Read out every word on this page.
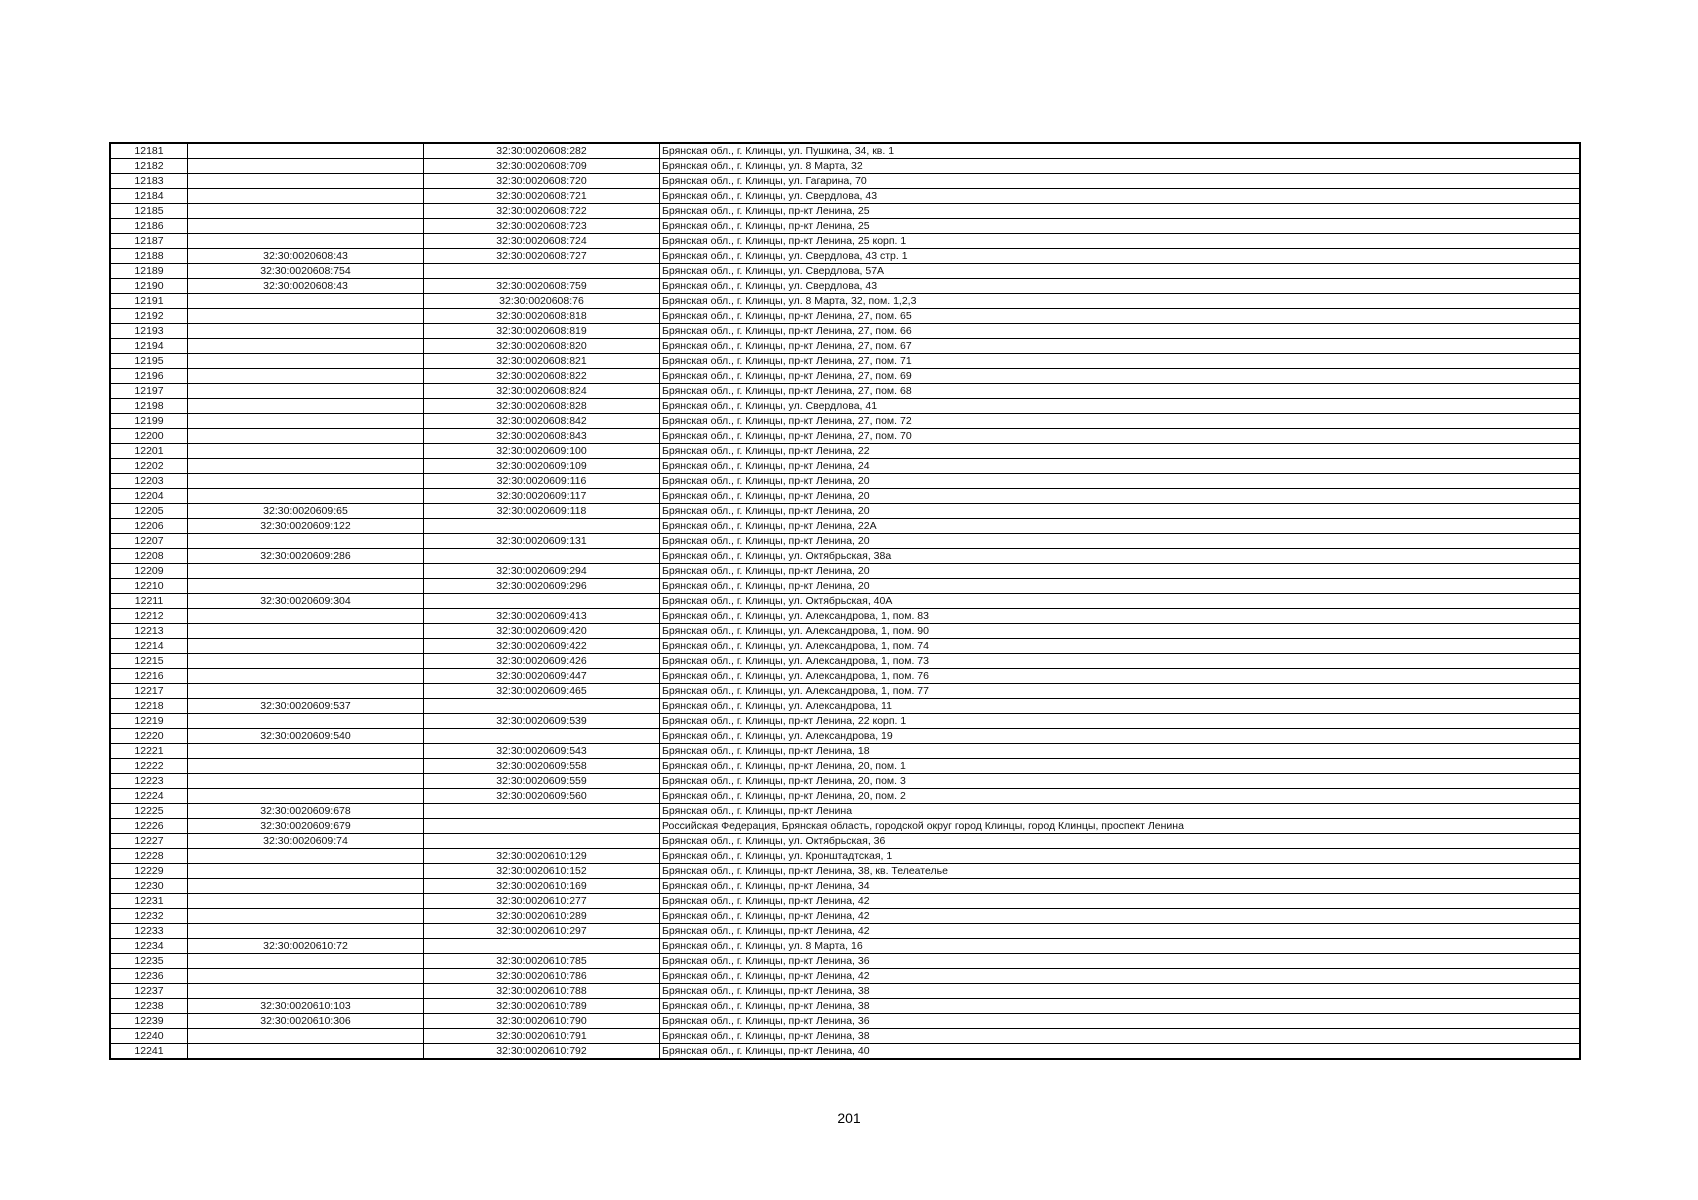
12181		32:30:0020608:282	Брянская обл., г. Клинцы, ул. Пушкина, 34, кв. 1
12182		32:30:0020608:709	Брянская обл., г. Клинцы, ул. 8 Марта, 32
12183		32:30:0020608:720	Брянская обл., г. Клинцы, ул. Гагарина, 70
12184		32:30:0020608:721	Брянская обл., г. Клинцы, ул. Свердлова, 43
12185		32:30:0020608:722	Брянская обл., г. Клинцы, пр-кт Ленина, 25
12186		32:30:0020608:723	Брянская обл., г. Клинцы, пр-кт Ленина, 25
12187		32:30:0020608:724	Брянская обл., г. Клинцы, пр-кт Ленина, 25 корп. 1
12188	32:30:0020608:43	32:30:0020608:727	Брянская обл., г. Клинцы, ул. Свердлова, 43 стр. 1
12189	32:30:0020608:754		Брянская обл., г. Клинцы, ул. Свердлова, 57А
12190	32:30:0020608:43	32:30:0020608:759	Брянская обл., г. Клинцы, ул. Свердлова, 43
12191		32:30:0020608:76	Брянская обл., г. Клинцы, ул. 8 Марта, 32, пом. 1,2,3
12192		32:30:0020608:818	Брянская обл., г. Клинцы, пр-кт Ленина, 27, пом. 65
12193		32:30:0020608:819	Брянская обл., г. Клинцы, пр-кт Ленина, 27, пом. 66
12194		32:30:0020608:820	Брянская обл., г. Клинцы, пр-кт Ленина, 27, пом. 67
12195		32:30:0020608:821	Брянская обл., г. Клинцы, пр-кт Ленина, 27, пом. 71
12196		32:30:0020608:822	Брянская обл., г. Клинцы, пр-кт Ленина, 27, пом. 69
12197		32:30:0020608:824	Брянская обл., г. Клинцы, пр-кт Ленина, 27, пом. 68
12198		32:30:0020608:828	Брянская обл., г. Клинцы, ул. Свердлова, 41
12199		32:30:0020608:842	Брянская обл., г. Клинцы, пр-кт Ленина, 27, пом. 72
12200		32:30:0020608:843	Брянская обл., г. Клинцы, пр-кт Ленина, 27, пом. 70
12201		32:30:0020609:100	Брянская обл., г. Клинцы, пр-кт Ленина, 22
12202		32:30:0020609:109	Брянская обл., г. Клинцы, пр-кт Ленина, 24
12203		32:30:0020609:116	Брянская обл., г. Клинцы, пр-кт Ленина, 20
12204		32:30:0020609:117	Брянская обл., г. Клинцы, пр-кт Ленина, 20
12205	32:30:0020609:65	32:30:0020609:118	Брянская обл., г. Клинцы, пр-кт Ленина, 20
12206	32:30:0020609:122		Брянская обл., г. Клинцы, пр-кт Ленина, 22А
12207		32:30:0020609:131	Брянская обл., г. Клинцы, пр-кт Ленина, 20
12208	32:30:0020609:286		Брянская обл., г. Клинцы, ул. Октябрьская, 38а
12209		32:30:0020609:294	Брянская обл., г. Клинцы, пр-кт Ленина, 20
12210		32:30:0020609:296	Брянская обл., г. Клинцы, пр-кт Ленина, 20
12211	32:30:0020609:304		Брянская обл., г. Клинцы, ул. Октябрьская, 40А
12212		32:30:0020609:413	Брянская обл., г. Клинцы, ул. Александрова, 1, пом. 83
12213		32:30:0020609:420	Брянская обл., г. Клинцы, ул. Александрова, 1, пом. 90
12214		32:30:0020609:422	Брянская обл., г. Клинцы, ул. Александрова, 1, пом. 74
12215		32:30:0020609:426	Брянская обл., г. Клинцы, ул. Александрова, 1, пом. 73
12216		32:30:0020609:447	Брянская обл., г. Клинцы, ул. Александрова, 1, пом. 76
12217		32:30:0020609:465	Брянская обл., г. Клинцы, ул. Александрова, 1, пом. 77
12218	32:30:0020609:537		Брянская обл., г. Клинцы, ул. Александрова, 11
12219		32:30:0020609:539	Брянская обл., г. Клинцы, пр-кт Ленина, 22 корп. 1
12220	32:30:0020609:540		Брянская обл., г. Клинцы, ул. Александрова, 19
12221		32:30:0020609:543	Брянская обл., г. Клинцы, пр-кт Ленина, 18
12222		32:30:0020609:558	Брянская обл., г. Клинцы, пр-кт Ленина, 20, пом. 1
12223		32:30:0020609:559	Брянская обл., г. Клинцы, пр-кт Ленина, 20, пом. 3
12224		32:30:0020609:560	Брянская обл., г. Клинцы, пр-кт Ленина, 20, пом. 2
12225	32:30:0020609:678		Брянская обл., г. Клинцы, пр-кт Ленина
12226	32:30:0020609:679		Российская Федерация, Брянская область, городской округ город Клинцы, город Клинцы, проспект Ленина
12227	32:30:0020609:74		Брянская обл., г. Клинцы, ул. Октябрьская, 36
12228		32:30:0020610:129	Брянская обл., г. Клинцы, ул. Кронштадтская, 1
12229		32:30:0020610:152	Брянская обл., г. Клинцы, пр-кт Ленина, 38, кв. Телеателье
12230		32:30:0020610:169	Брянская обл., г. Клинцы, пр-кт Ленина, 34
12231		32:30:0020610:277	Брянская обл., г. Клинцы, пр-кт Ленина, 42
12232		32:30:0020610:289	Брянская обл., г. Клинцы, пр-кт Ленина, 42
12233		32:30:0020610:297	Брянская обл., г. Клинцы, пр-кт Ленина, 42
12234	32:30:0020610:72		Брянская обл., г. Клинцы, ул. 8 Марта, 16
12235		32:30:0020610:785	Брянская обл., г. Клинцы, пр-кт Ленина, 36
12236		32:30:0020610:786	Брянская обл., г. Клинцы, пр-кт Ленина, 42
12237		32:30:0020610:788	Брянская обл., г. Клинцы, пр-кт Ленина, 38
12238	32:30:0020610:103	32:30:0020610:789	Брянская обл., г. Клинцы, пр-кт Ленина, 38
12239	32:30:0020610:306	32:30:0020610:790	Брянская обл., г. Клинцы, пр-кт Ленина, 36
12240		32:30:0020610:791	Брянская обл., г. Клинцы, пр-кт Ленина, 38
12241		32:30:0020610:792	Брянская обл., г. Клинцы, пр-кт Ленина, 40
201
